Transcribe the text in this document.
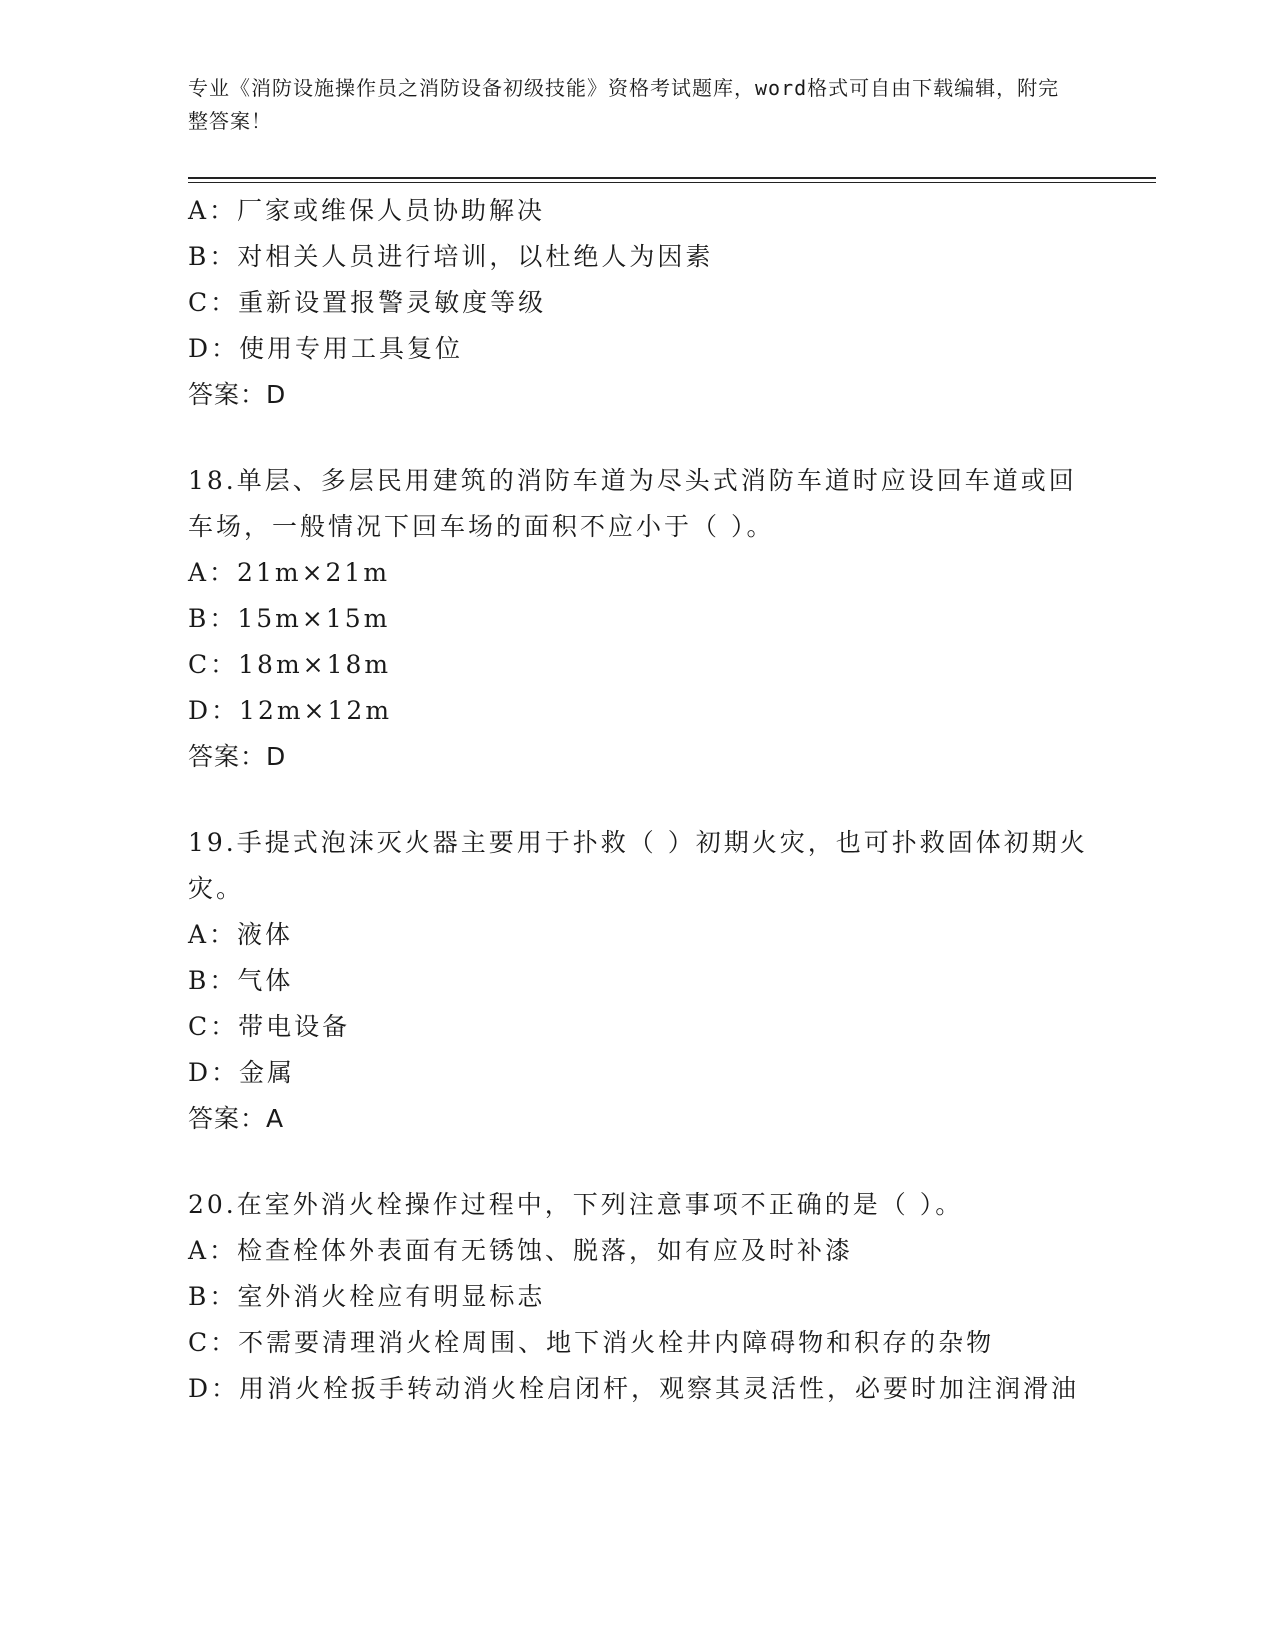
专业《消防设施操作员之消防设备初级技能》资格考试题库，word格式可自由下载编辑，附完整答案！
A：厂家或维保人员协助解决
B：对相关人员进行培训，以杜绝人为因素
C：重新设置报警灵敏度等级
D：使用专用工具复位
答案：D
18.单层、多层民用建筑的消防车道为尽头式消防车道时应设回车道或回车场，一般情况下回车场的面积不应小于（ ）。
A：21m×21m
B：15m×15m
C：18m×18m
D：12m×12m
答案：D
19.手提式泡沫灭火器主要用于扑救（ ）初期火灾，也可扑救固体初期火灾。
A：液体
B：气体
C：带电设备
D：金属
答案：A
20.在室外消火栓操作过程中，下列注意事项不正确的是（ ）。
A：检查栓体外表面有无锈蚀、脱落，如有应及时补漆
B：室外消火栓应有明显标志
C：不需要清理消火栓周围、地下消火栓井内障碍物和积存的杂物
D：用消火栓扳手转动消火栓启闭杆，观察其灵活性，必要时加注润滑油
